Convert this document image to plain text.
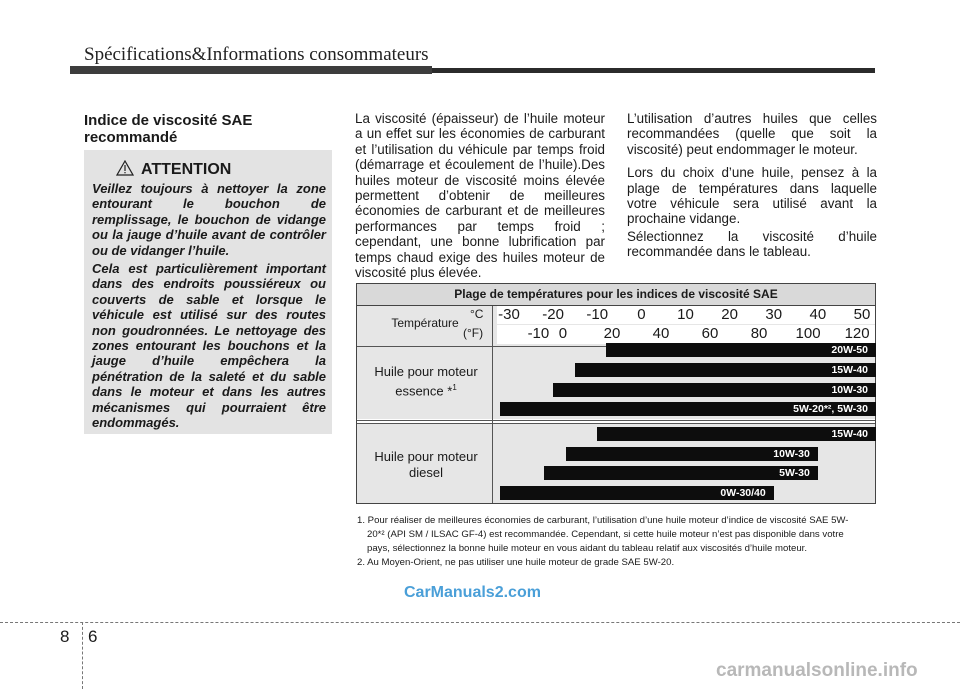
Spécifications&Informations consommateurs
Indice de viscosité SAE recommandé
ATTENTION
Veillez toujours à nettoyer la zone entourant le bouchon de remplissage, le bouchon de vidange ou la jauge d’huile avant de contrôler ou de vidanger l’huile.
Cela est particulièrement important dans des endroits poussiéreux ou couverts de sable et lorsque le véhicule est utilisé sur des routes non goudronnées. Le nettoyage des zones entourant les bouchons et la jauge d’huile empêchera la pénétration de la saleté et du sable dans le moteur et dans les autres mécanismes qui pourraient être endommagés.

La viscosité (épaisseur) de l’huile moteur a un effet sur les économies de carburant et l’utilisation du véhicule par temps froid (démarrage et écoulement de l’huile).Des huiles moteur de viscosité moins élevée permettent d’obtenir de meilleures économies de carburant et de meilleures performances par temps froid ; cependant, une bonne lubrification par temps chaud exige des huiles moteur de viscosité plus élevée.

L’utilisation d’autres huiles que celles recommandées (quelle que soit la viscosité) peut endommager le moteur.

Lors du choix d’une huile, pensez à la plage de températures dans laquelle votre véhicule sera utilisé avant la prochaine vidange.

Sélectionnez la viscosité d’huile recommandée dans le tableau.

Plage de températures pour les indices de viscosité SAE
Température
°C
(°F)
-30 -20 -10 0 10 20 30 40 50
-10 0 20 40 60 80 100 120
Huile pour moteur
essence *$^1$
Huile pour moteur
diesel
20W-50
15W-40
10W-30
5W-20*², 5W-30
15W-40
10W-30
5W-30
0W-30/40

1. Pour réaliser de meilleures économies de carburant, l’utilisation d’une huile moteur d’indice de viscosité SAE 5W-

20*² (API SM / ILSAC GF-4) est recommandée. Cependant, si cette huile moteur n’est pas disponible dans votre

pays, sélectionnez la bonne huile moteur en vous aidant du tableau relatif aux viscosités d’huile moteur.

2. Au Moyen-Orient, ne pas utiliser une huile moteur de grade SAE 5W-20.

CarManuals2.com
8 6
carmanualsonline.info
